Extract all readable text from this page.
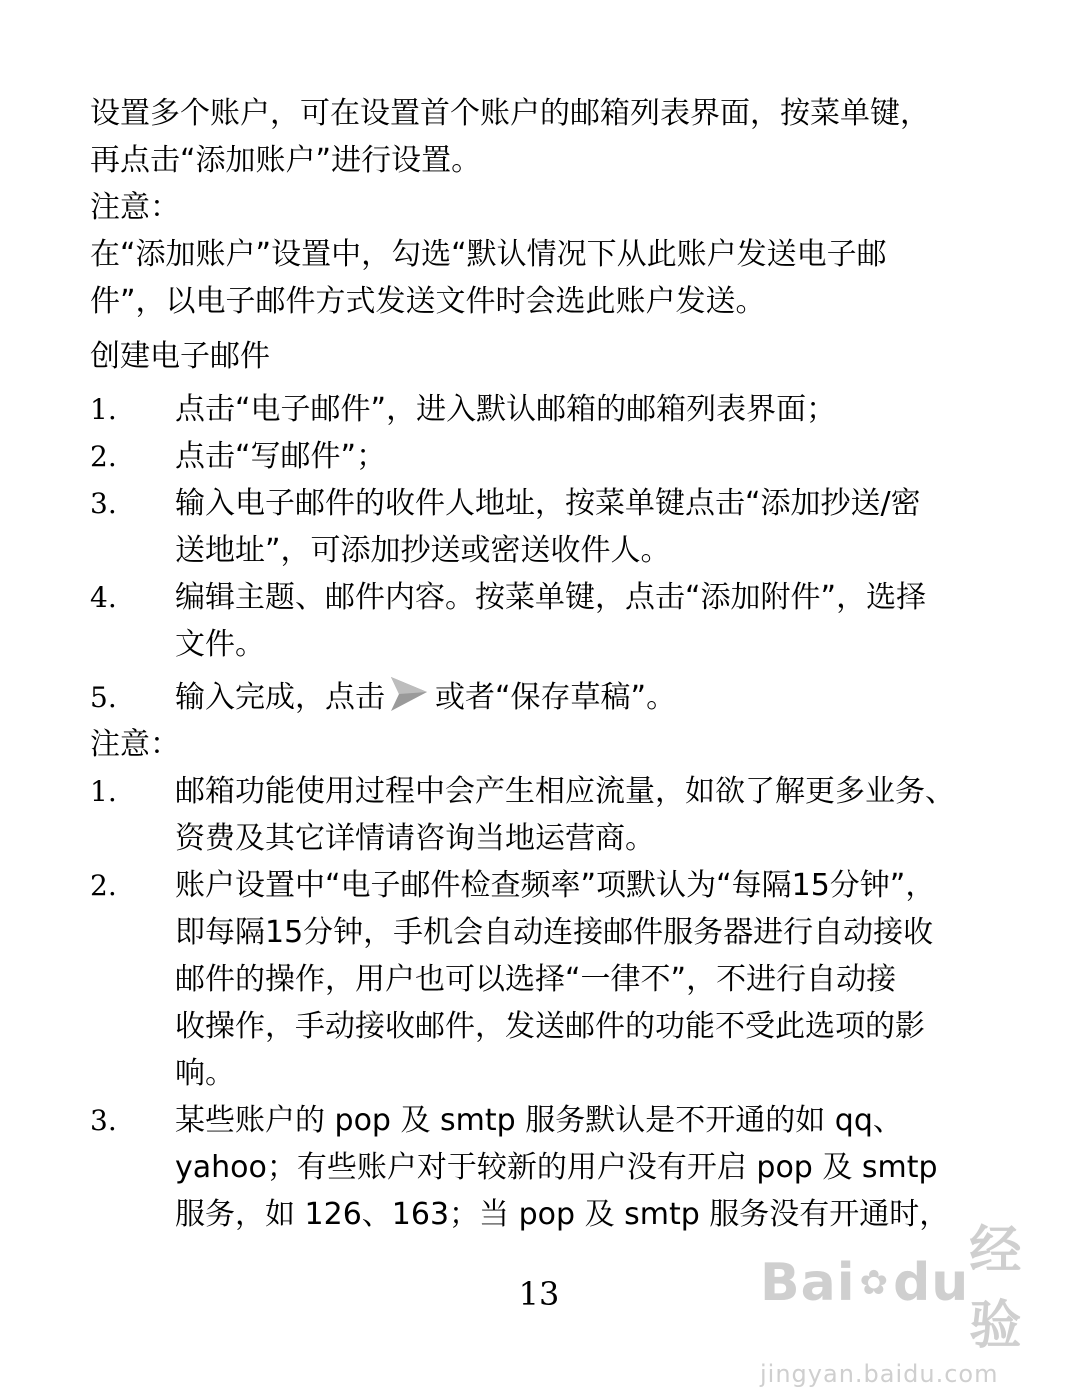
设置多个账户，可在设置首个账户的邮箱列表界面，按菜单键，
再点击“添加账户”进行设置。

注意：

在“添加账户”设置中，勾选“默认情况下从此账户发送电子邮
件”，以电子邮件方式发送文件时会选此账户发送。

创建电子邮件

1.	点击“电子邮件”，进入默认邮箱的邮箱列表界面；
2.	点击“写邮件”；
3.	输入电子邮件的收件人地址，按菜单键点击“添加抄送/密
送地址”，可添加抄送或密送收件人。
4.	编辑主题、邮件内容。按菜单键，点击“添加附件”，选择
文件。
5.	输入完成，点击 或者“保存草稿”。

注意：

1.	邮箱功能使用过程中会产生相应流量，如欲了解更多业务、
资费及其它详情请咨询当地运营商。
2.	账户设置中“电子邮件检查频率”项默认为“每隔15分钟”，
即每隔15分钟，手机会自动连接邮件服务器进行自动接收
邮件的操作，用户也可以选择“一律不”，不进行自动接
收操作，手动接收邮件，发送邮件的功能不受此选项的影
响。
3.	某些账户的 pop 及 smtp 服务默认是不开通的如 qq、
yahoo；有些账户对于较新的用户没有开启 pop 及 smtp
服务，如 126、163；当 pop 及 smtp 服务没有开通时，
13	Bai ✿ du
经验
jingyan.baidu.com
